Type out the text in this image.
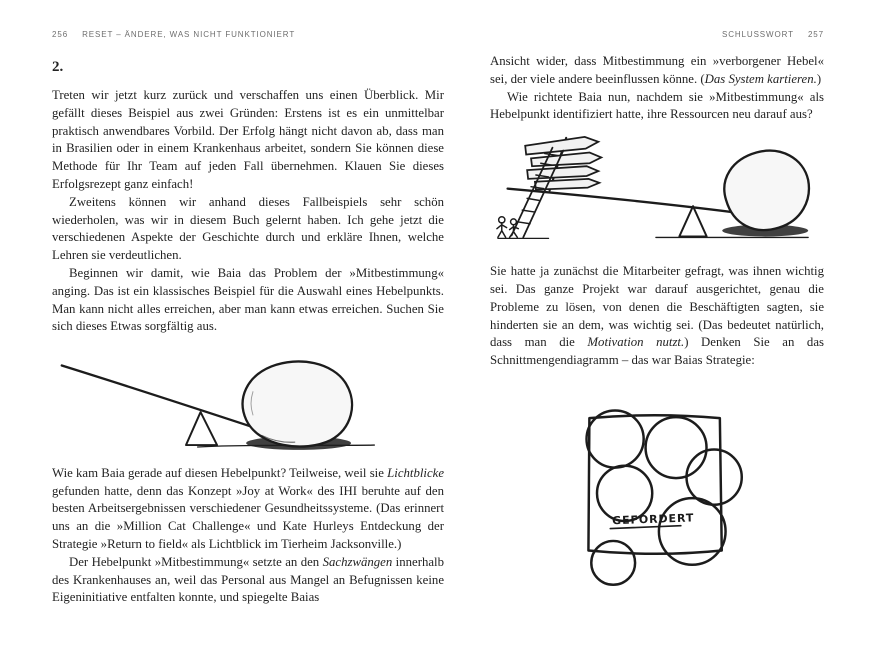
256 RESET – ÄNDERE, WAS NICHT FUNKTIONIERT
2.

Treten wir jetzt kurz zurück und verschaffen uns einen Überblick. Mir gefällt dieses Beispiel aus zwei Gründen: Erstens ist es ein unmittelbar praktisch anwendbares Vorbild. Der Erfolg hängt nicht davon ab, dass man in Brasilien oder in einem Krankenhaus arbeitet, sondern Sie können diese Methode für Ihr Team auf jeden Fall übernehmen. Klauen Sie dieses Erfolgsrezept ganz einfach!

Zweitens können wir anhand dieses Fallbeispiels sehr schön wiederholen, was wir in diesem Buch gelernt haben. Ich gehe jetzt die verschiedenen Aspekte der Geschichte durch und erkläre Ihnen, welche Lehren sie verdeutlichen.

Beginnen wir damit, wie Baia das Problem der »Mitbestimmung« anging. Das ist ein klassisches Beispiel für die Auswahl eines Hebelpunkts. Man kann nicht alles erreichen, aber man kann etwas erreichen. Suchen Sie sich dieses Etwas sorgfältig aus.

Wie kam Baia gerade auf diesen Hebelpunkt? Teilweise, weil sie Lichtblicke gefunden hatte, denn das Konzept »Joy at Work« des IHI beruhte auf den besten Arbeitsergebnissen verschiedener Gesundheitssysteme. (Das erinnert uns an die »Million Cat Challenge« und Kate Hurleys Entdeckung der Strategie »Return to field« als Lichtblick im Tierheim Jacksonville.)

Der Hebelpunkt »Mitbestimmung« setzte an den Sachzwängen innerhalb des Krankenhauses an, weil das Personal aus Mangel an Befugnissen keine Eigeninitiative entfalten konnte, und spiegelte Baias

SCHLUSSWORT 257

Ansicht wider, dass Mitbestimmung ein »verborgener Hebel« sei, der viele andere beeinflussen könne. (Das System kartieren.)

Wie richtete Baia nun, nachdem sie »Mitbestimmung« als Hebelpunkt identifiziert hatte, ihre Ressourcen neu darauf aus?

Sie hatte ja zunächst die Mitarbeiter gefragt, was ihnen wichtig sei. Das ganze Projekt war darauf ausgerichtet, genau die Probleme zu lösen, von denen die Beschäftigten sagten, sie hinderten sie an dem, was wichtig sei. (Das bedeutet natürlich, dass man die Motivation nutzt.) Denken Sie an das Schnittmengendiagramm – das war Baias Strategie:

GEFORDERT
